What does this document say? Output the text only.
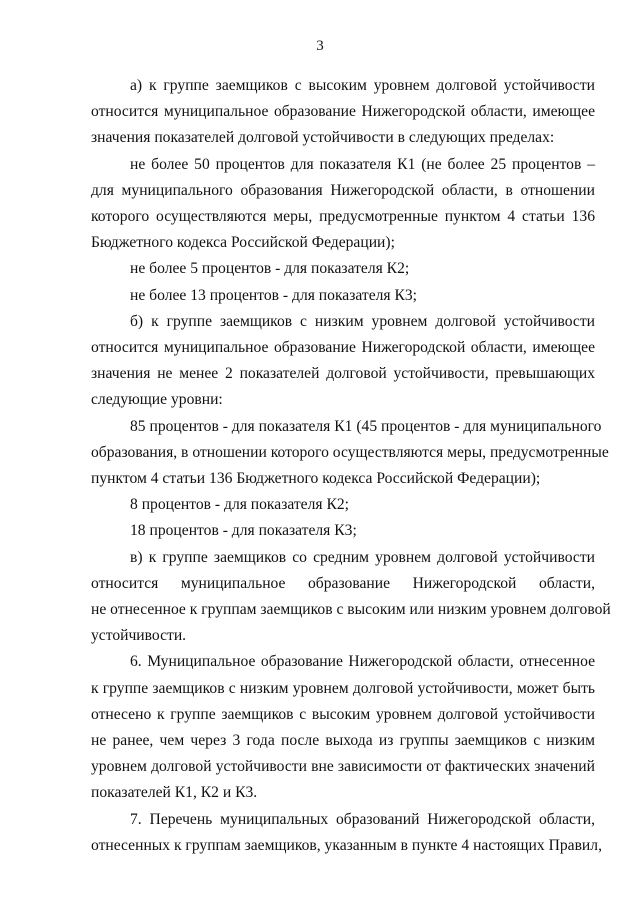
3
а) к группе заемщиков с высоким уровнем долговой устойчивости
относится муниципальное образование Нижегородской области, имеющее
значения показателей долговой устойчивости в следующих пределах:
не более 50 процентов для показателя К1 (не более 25 процентов –
для муниципального образования Нижегородской области, в отношении
которого осуществляются меры, предусмотренные пунктом 4 статьи 136
Бюджетного кодекса Российской Федерации);
не более 5 процентов - для показателя К2;
не более 13 процентов - для показателя К3;
б) к группе заемщиков с низким уровнем долговой устойчивости
относится муниципальное образование Нижегородской области, имеющее
значения не менее 2 показателей долговой устойчивости, превышающих
следующие уровни:
85 процентов - для показателя К1 (45 процентов - для муниципального
образования, в отношении которого осуществляются меры, предусмотренные
пунктом 4 статьи 136 Бюджетного кодекса Российской Федерации);
8 процентов - для показателя К2;
18 процентов - для показателя К3;
в) к группе заемщиков со средним уровнем долговой устойчивости
относится муниципальное образование Нижегородской области,
не отнесенное к группам заемщиков с высоким или низким уровнем долговой
устойчивости.
6. Муниципальное образование Нижегородской области, отнесенное
к группе заемщиков с низким уровнем долговой устойчивости, может быть
отнесено к группе заемщиков с высоким уровнем долговой устойчивости
не ранее, чем через 3 года после выхода из группы заемщиков с низким
уровнем долговой устойчивости вне зависимости от фактических значений
показателей К1, К2 и К3.
7. Перечень муниципальных образований Нижегородской области,
отнесенных к группам заемщиков, указанным в пункте 4 настоящих Правил,
